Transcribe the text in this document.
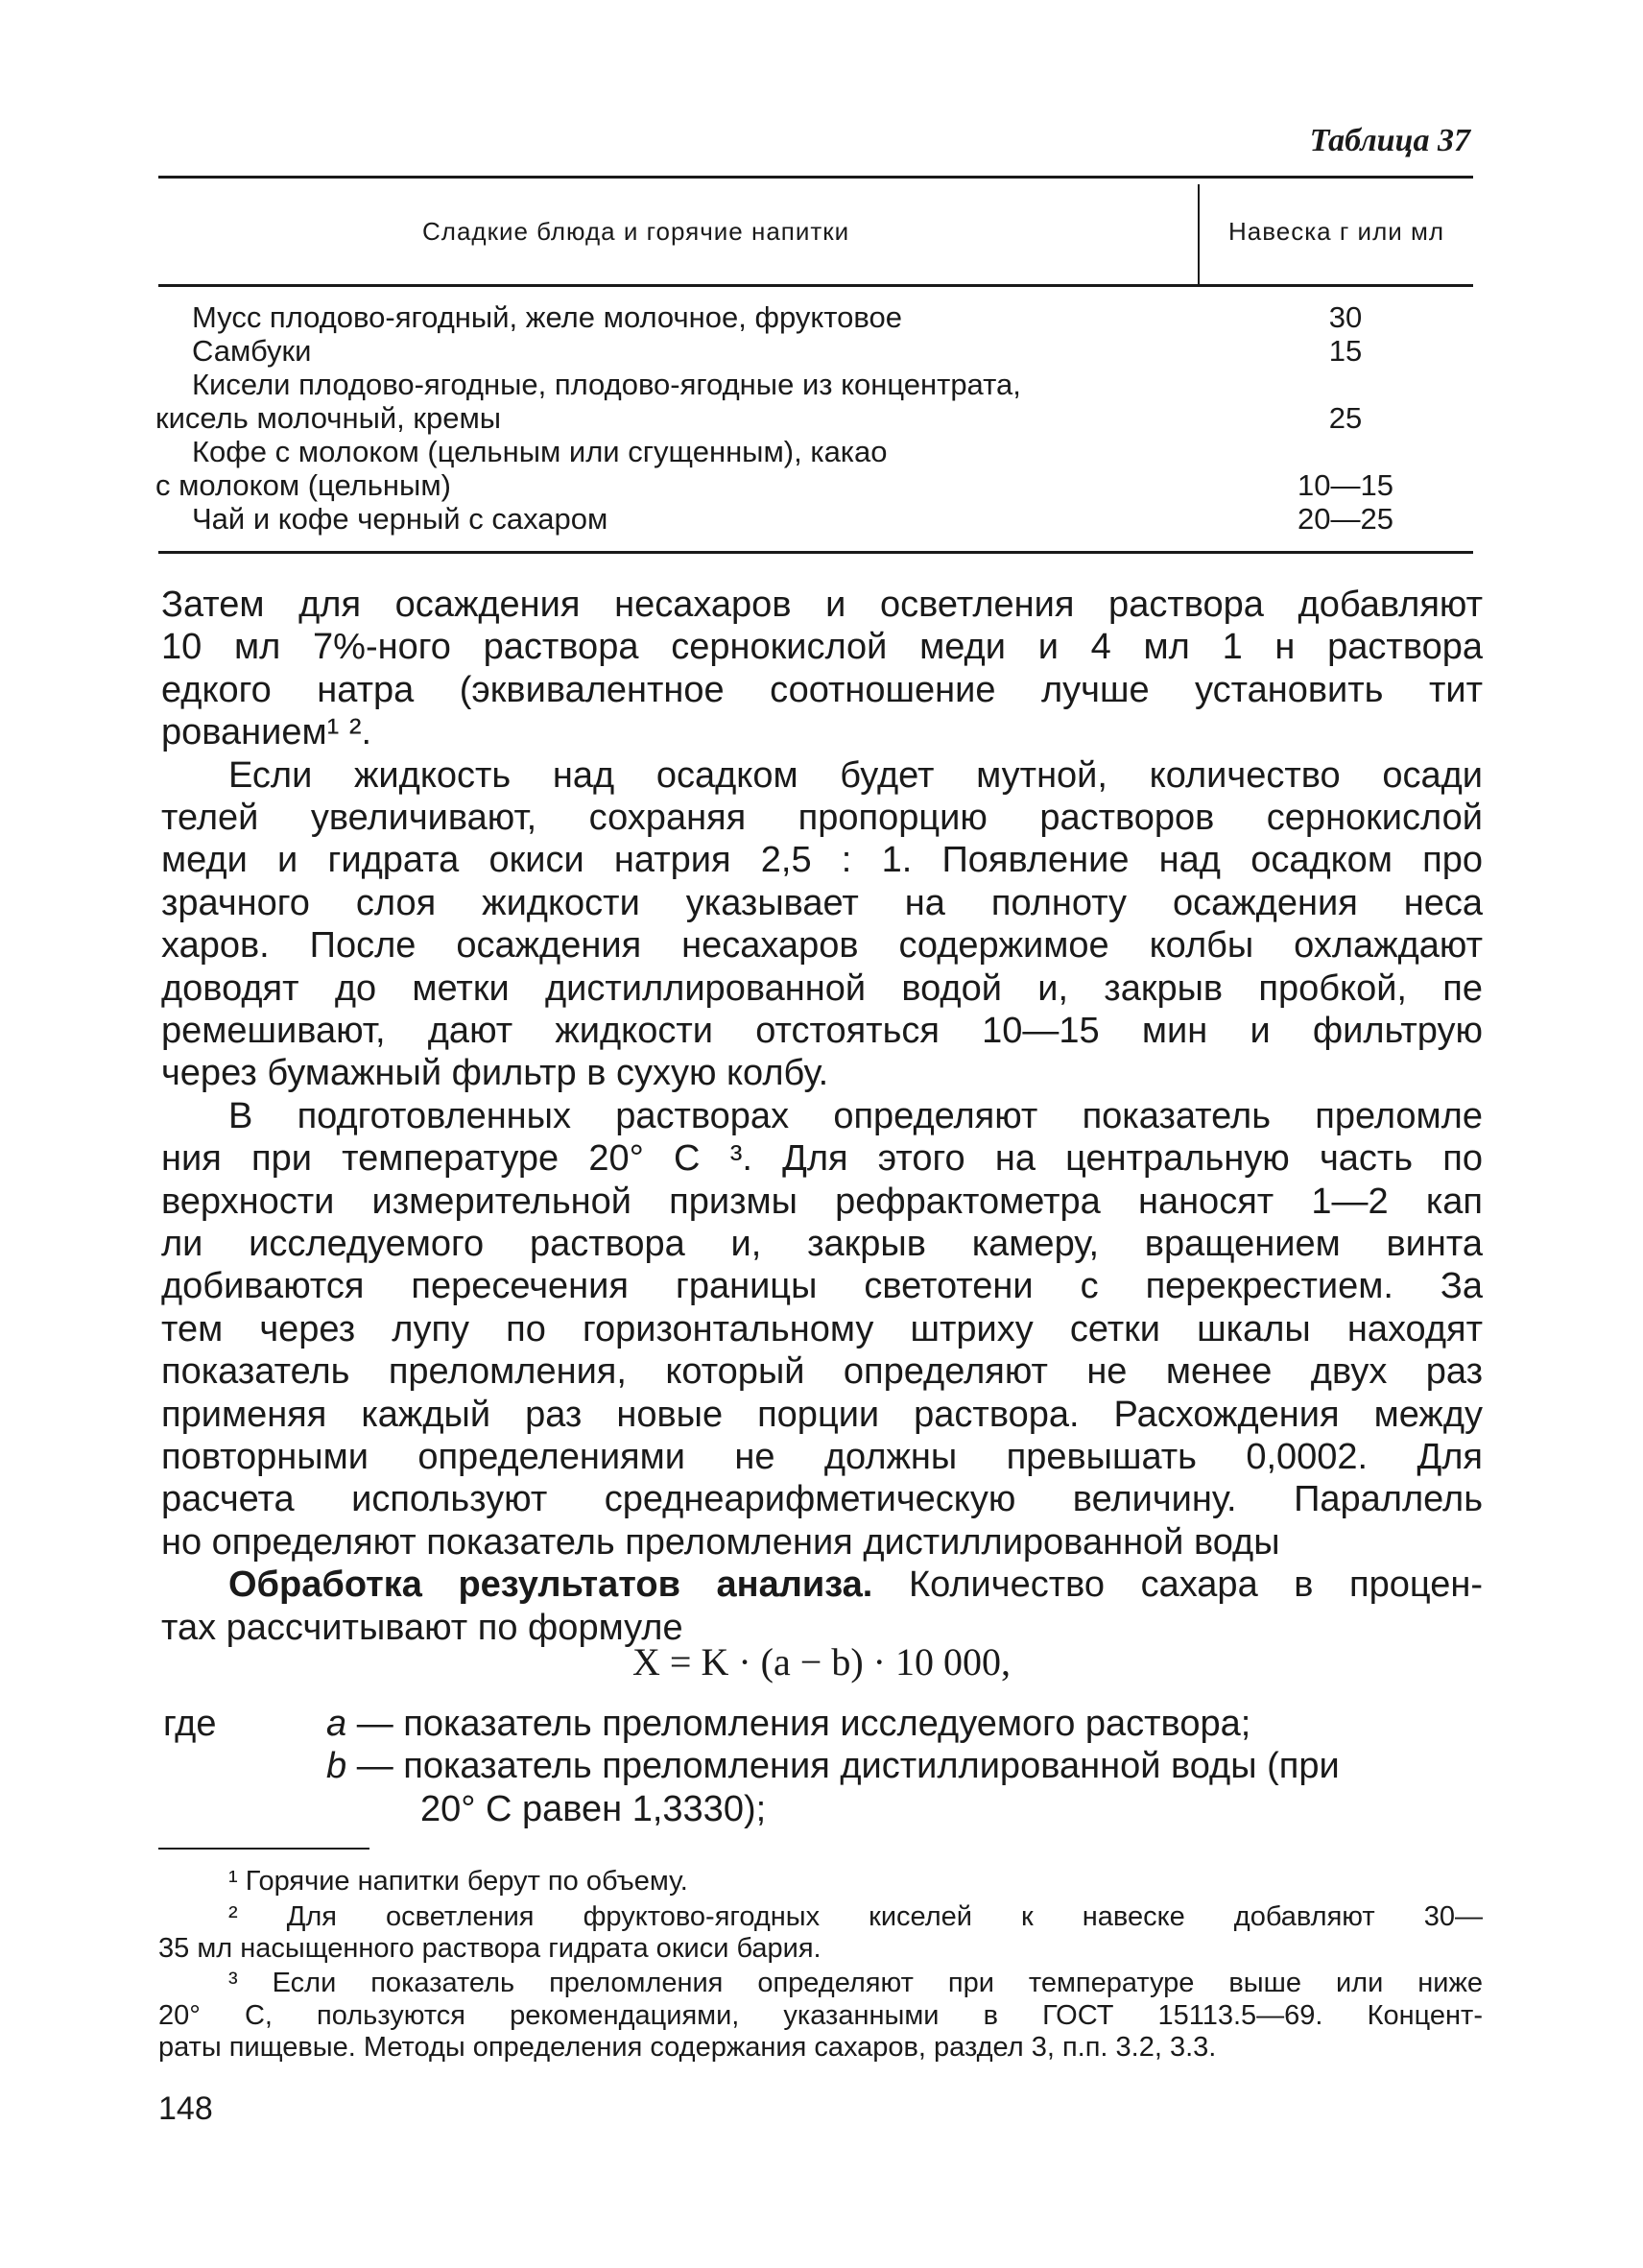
Таблица 37
Сладкие блюда и горячие напитки	Навеска г или мл
Мусс плодово-ягодный, желе молочное, фруктовое	30
Самбуки	15
Кисели плодово-ягодные, плодово-ягодные из концентрата,
кисель молочный, кремы	25
Кофе с молоком (цельным или сгущенным), какао
с молоком (цельным)	10—15
Чай и кофе черный с сахаром	20—25
Затем для осаждения несахаров и осветления раствора добавляют
10 мл 7%-ного раствора сернокислой меди и 4 мл 1 н раствора
едкого натра (эквивалентное соотношение лучше установить тит
рованием¹ ².
Если жидкость над осадком будет мутной, количество осади
телей увеличивают, сохраняя пропорцию растворов сернокислой
меди и гидрата окиси натрия 2,5 : 1. Появление над осадком про
зрачного слоя жидкости указывает на полноту осаждения неса
харов. После осаждения несахаров содержимое колбы охлаждают
доводят до метки дистиллированной водой и, закрыв пробкой, пе
ремешивают, дают жидкости отстояться 10—15 мин и фильтрую
через бумажный фильтр в сухую колбу.
В подготовленных растворах определяют показатель преломле
ния при температуре 20° С ³. Для этого на центральную часть по
верхности измерительной призмы рефрактометра наносят 1—2 кап
ли исследуемого раствора и, закрыв камеру, вращением винта
добиваются пересечения границы светотени с перекрестием. За
тем через лупу по горизонтальному штриху сетки шкалы находят
показатель преломления, который определяют не менее двух раз
применяя каждый раз новые порции раствора. Расхождения между
повторными определениями не должны превышать 0,0002. Для
расчета используют среднеарифметическую величину. Параллель
но определяют показатель преломления дистиллированной воды
Обработка результатов анализа. Количество сахара в процен-
тах рассчитывают по формуле
X = K · (a − b) · 10 000,
где	a — показатель преломления исследуемого раствора;
b — показатель преломления дистиллированной воды (при
20° С равен 1,3330);
¹ Горячие напитки берут по объему.
² Для осветления фруктово-ягодных киселей к навеске добавляют 30—
35 мл насыщенного раствора гидрата окиси бария.
³ Если показатель преломления определяют при температуре выше или ниже
20° С, пользуются рекомендациями, указанными в ГОСТ 15113.5—69. Концент-
раты пищевые. Методы определения содержания сахаров, раздел 3, п.п. 3.2, 3.3.
148
